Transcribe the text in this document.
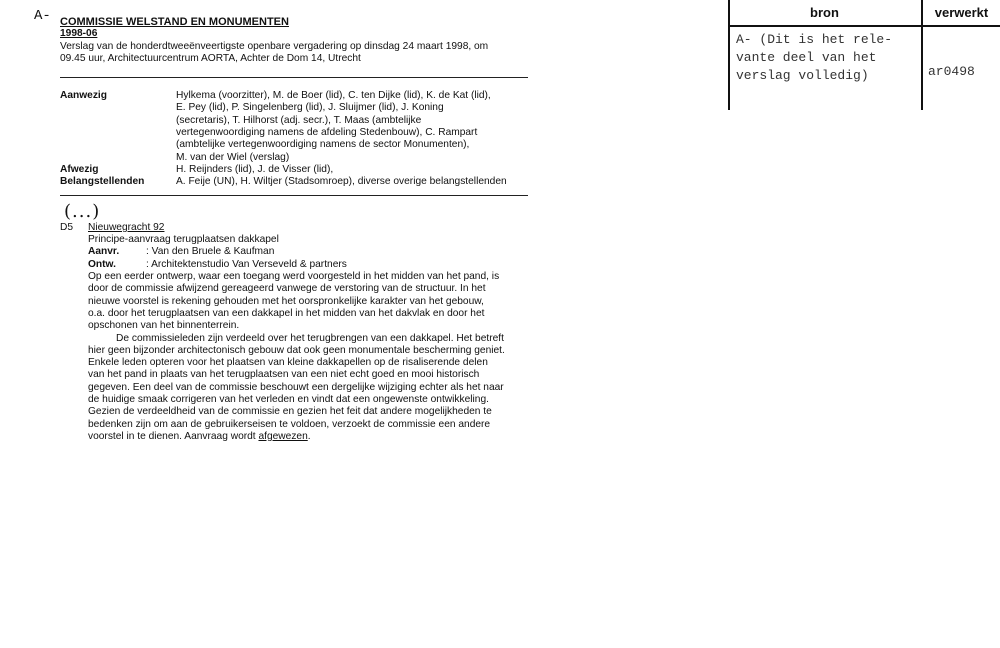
A- COMMISSIE WELSTAND EN MONUMENTEN
1998-06
Verslag van de honderdtweeënveertigste openbare vergadering op dinsdag 24 maart 1998, om
09.45 uur, Architectuurcentrum AORTA, Achter de Dom 14, Utrecht
Aanwezig	Hylkema (voorzitter), M. de Boer (lid), C. ten Dijke (lid), K. de Kat (lid),
E. Pey (lid), P. Singelenberg (lid), J. Sluijmer (lid), J. Koning
(secretaris), T. Hilhorst (adj. secr.), T. Maas (ambtelijke
vertegenwoordiging namens de afdeling Stedenbouw), C. Rampart
(ambtelijke vertegenwoordiging namens de sector Monumenten),
M. van der Wiel (verslag)
Afwezig	H. Reijnders (lid), J. de Visser (lid),
Belangstellenden	A. Feije (UN), H. Wiltjer (Stadsomroep), diverse overige belangstellenden
(...)
D5	Nieuwegracht 92
Principe-aanvraag terugplaatsen dakkapel
Aanvr.	: Van den Bruele & Kaufman
Ontw.	: Architektenstudio Van Verseveld & partners
Op een eerder ontwerp, waar een toegang werd voorgesteld in het midden van het pand, is
door de commissie afwijzend gereageerd vanwege de verstoring van de structuur. In het
nieuwe voorstel is rekening gehouden met het oorspronkelijke karakter van het gebouw,
o.a. door het terugplaatsen van een dakkapel in het midden van het dakvlak en door het
opschonen van het binnenterrein.
De commissieleden zijn verdeeld over het terugbrengen van een dakkapel. Het betreft
hier geen bijzonder architectonisch gebouw dat ook geen monumentale bescherming geniet.
Enkele leden opteren voor het plaatsen van kleine dakkapellen op de risaliserende delen
van het pand in plaats van het terugplaatsen van een niet echt goed en mooi historisch
gegeven. Een deel van de commissie beschouwt een dergelijke wijziging echter als het naar
de huidige smaak corrigeren van het verleden en vindt dat een ongewenste ontwikkeling.
Gezien de verdeeldheid van de commissie en gezien het feit dat andere mogelijkheden te
bedenken zijn om aan de gebruikerseisen te voldoen, verzoekt de commissie een andere
voorstel in te dienen. Aanvraag wordt afgewezen.
bron	verwerkt
A- (Dit is het rele-
vante deel van het
verslag volledig)	ar0498
